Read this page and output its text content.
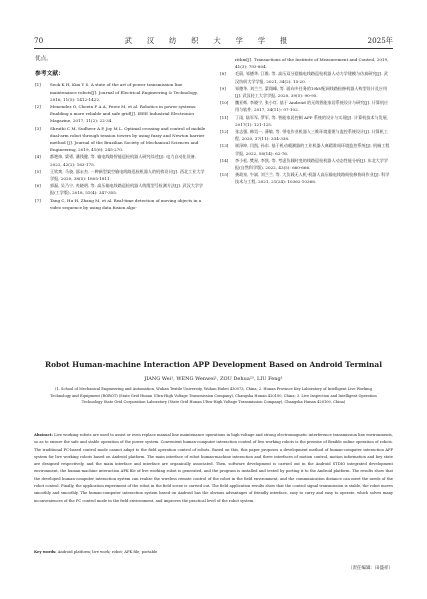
70	武汉纺织大学学报	2025年
优点。
参考文献：
[1] Seok K H, Kim Y S. A state of the art of power transmission line maintenance robots[J]. Journal of Electrical Engineering & Technology, 2016, 11(5): 1412-1422.
[2] Menendez O, Cheein F A A, Perez M, et al. Robotics in power systems: Enabling a more reliable and safe grid[J]. IEEE Industrial Electronics Magazine, 2017, 11(2): 22-34.
[3] Shruthi C M, Sudheer A P, Joy M L. Optimal crossing and control of mobile dual-arm robot through tension towers by using fuzzy and Newton barrier method [J]. Journal of the Brazilian Society of Mechanical Sciences and Engineering, 2019, 41(6): 245-270.
[4] 都艳炜, 梁勇, 潘钱健, 等. 输电线路智能巡检机器人研究综述[J]. 电力自动化设备, 2022, 42(2): 163-175.
[5] 王钦爽, 马骁, 邵永杰. 一种新型架空输电线路巡检机器人的机构设计[J]. 西北工业大学学报, 2020, 38(5): 1805-1811.
[6] 郭磊, 吴乃宁, 麦晓明, 等. 高压输电线路巡检机器人线缆型号检测方法[J]. 武汉大学学报(工学版), 2018, 51(4): 347-355.
[7] Tang C, Hu H, Zhang M, et al. Real-time detection of moving objects in a video sequence by using data fusion algo-
rithm[J]. Transactions of the Institute of Measurement and Control, 2019, 41(3): 793-804.
[8] 毛蔚, 邹德华, 江维, 等. 高压双分裂输电线路巡检机器人动力学建模与仿真研究[J]. 武汉纺织大学学报, 2021, 34(2): 15-20.
[9] 邹德华, 刘兰兰, 蒙翔峰, 等. 面向多任务的10kV配网线路检修机器人构型设计及应用[J]. 武汉轻工大学学报, 2020, 39(5): 90-95.
[10] 魏亚辉, 李晓宁, 张小红. 基于 Android 的无线智能家居系统设计与研究[J]. 计算机应用与软件, 2017, 34(11): 97-102.
[11] 丁雨, 陆军军, 罗军, 等. 智能家居控制 APP 系统的设计与实现[J]. 计算机技术与发展, 2017(1): 121-125.
[12] 张志强, 韩昊一, 薄敏, 等. 带电作业机器人三维环境重建与监控系统设计[J]. 计算机工程, 2020, 37(11): 334-338.
[13] 崔泽坤, 闫凯, 孙东. 基于机动载测器的工业机器人离精准间环境监控系统[J]. 机械工程学报, 2022, 58(14): 62-76.
[14] 李小松, 樊星, 李凯, 等. 考虑负载时变的线路巡检机器人动态性能分析[J]. 东北大学学报(自然科学版), 2022, 43(5): 660-666.
[15] 龚政泉, 牛斌, 刘兰兰, 等. 大负载无人机-机器人高压输电线路间检修协同作业[J]. 科学技术与工程, 2021, 21(24): 10362-10368.
Robot Human-machine Interaction APP Development Based on Android Terminal
JIANG Wei¹, WENG Wenwei¹, ZOU Dehua²³, LIU Feng¹
(1. School of Mechanical Engineering and Automation, Wuhan Textile University, Wuhan Hubei 430073, China; 2. Hunan Province Key Laboratory of Intelligent Live Working Technology and Equipment (ROBOT) (State Grid Hunan Ultra-High Voltage Transmission Company), Changsha Hunan 420100, China; 3. Live Inspection and Intelligent Operation Technology State Grid Corporation Laboratory (State Grid Hunan Ultra-High Voltage Transmission Company), Changsha Hunan 420100, China)
Abstract: Live working robots are used to assist or even replace manual line maintenance operations in high-voltage and strong electromagnetic interference transmission line environments, so as to ensure the safe and stable operation of the power system. Convenient human-computer interaction control of live working robots is the premise of flexible online operation of robots. The traditional PC-based control mode cannot adapt to the field operation control of robots. Based on this, this paper proposes a development method of human-computer interaction APP system for live working robots based on Android platform. The main interface of robot human-machine interaction and three interfaces of motion control, motion information and key state are designed respectively, and the main interface and interface are organically associated. Then, software development is carried out in the Android STDIO integrated development environment, the human-machine interaction APK file of live working robot is generated, and the program is installed and tested by porting it to the Android platform. The results show that the developed human-computer interaction system can realize the wireless remote control of the robot in the field environment, and the communication distance can meet the needs of the robot control. Finally, the application experiment of the robot in the field scene is carried out. The field application results show that the control signal transmission is stable, the robot moves smoothly and smoothly. The human-computer interaction system based on Android has the obvious advantages of friendly interface, easy to carry and easy to operate, which solves many inconveniences of the PC control mode in the field environment, and improves the practical level of the robot system.
Key words: Android platform; live work; robot; APK file; portable
（责任编辑：田盛祥）
